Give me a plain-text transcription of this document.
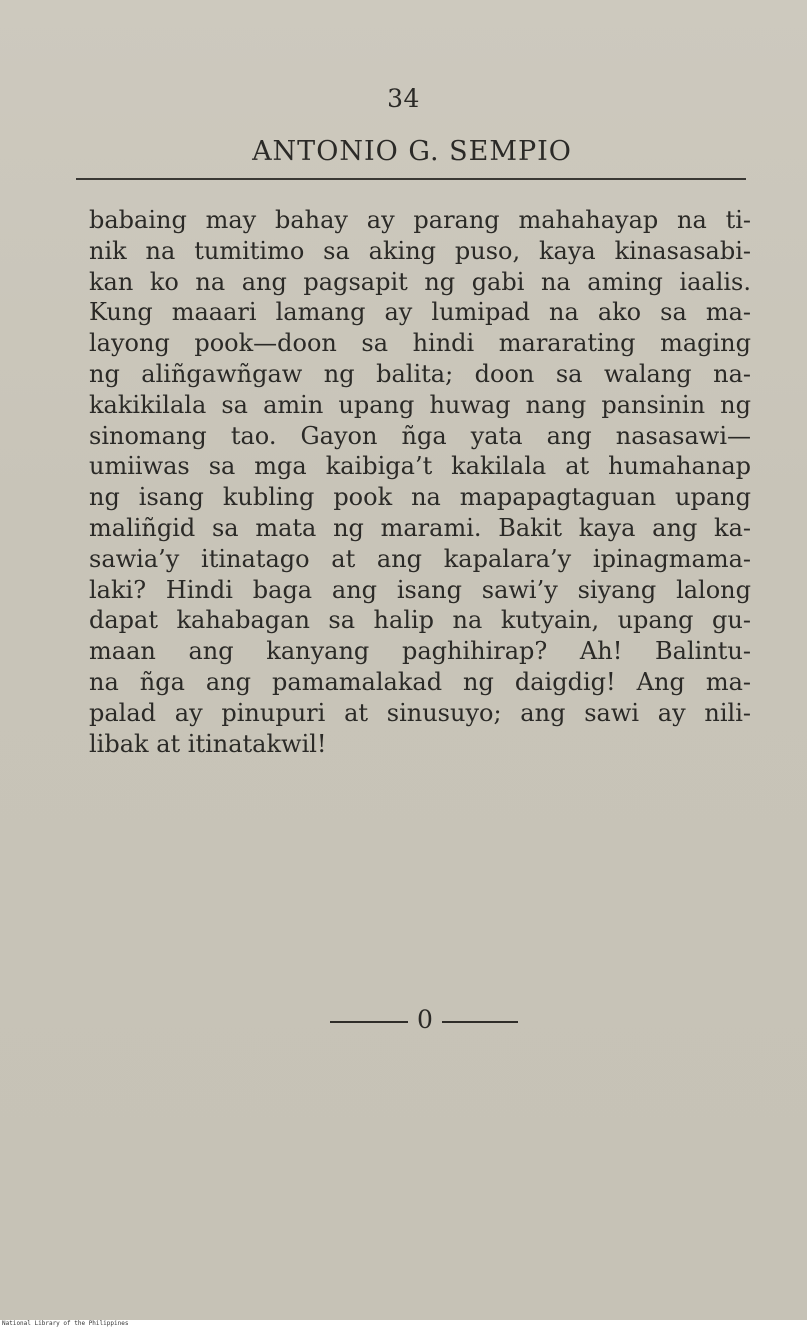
34
ANTONIO G. SEMPIO
babaing may bahay ay parang mahahayap na ti-
nik na tumitimo sa aking puso, kaya kinasasabi-
kan ko na ang pagsapit ng gabi na aming iaalis.
Kung maaari lamang ay lumipad na ako sa ma-
layong pook—doon sa hindi mararating maging
ng aliñgawñgaw ng balita; doon sa walang na-
kakikilala sa amin upang huwag nang pansinin ng
sinomang tao. Gayon ñga yata ang nasasawi—
umiiwas sa mga kaibiga’t kakilala at humahanap
ng isang kubling pook na mapapagtaguan upang
maliñgid sa mata ng marami. Bakit kaya ang ka-
sawia’y itinatago at ang kapalara’y ipinagmama-
laki? Hindi baga ang isang sawi’y siyang lalong
dapat kahabagan sa halip na kutyain, upang gu-
maan ang kanyang paghihirap? Ah! Balintu-
na ñga ang pamamalakad ng daigdig! Ang ma-
palad ay pinupuri at sinusuyo; ang sawi ay nili-
libak at itinatakwil!
0
National Library of the Philippines
